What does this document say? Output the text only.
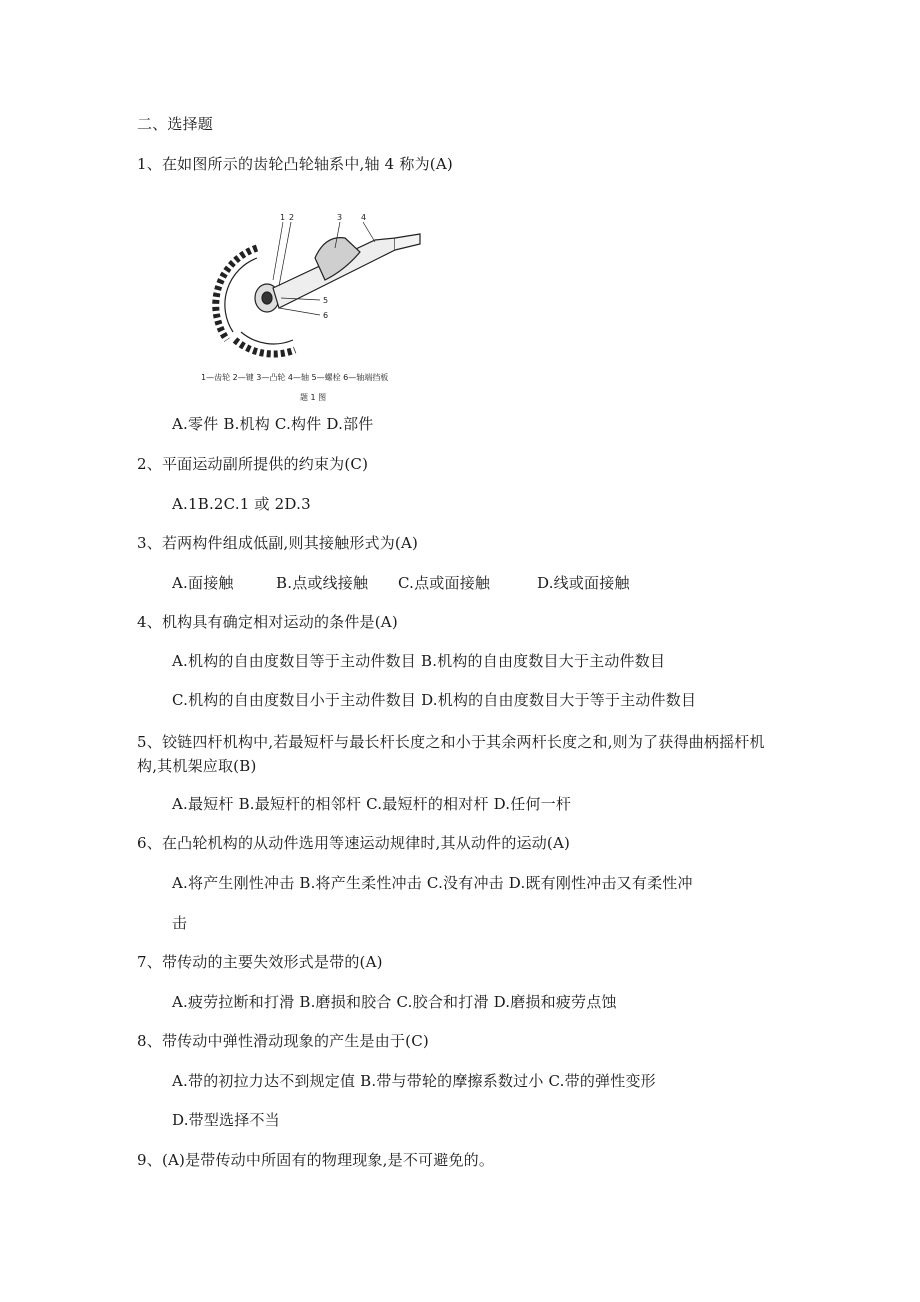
二、选择题
1、在如图所示的齿轮凸轮轴系中,轴 4 称为(A)
1 2	3 4
5
6
1—齿轮 2—键 3—凸轮 4—轴 5—螺栓 6—轴端挡板
题 1 图
A.零件 B.机构 C.构件 D.部件
2、平面运动副所提供的约束为(C)
A.1B.2C.1 或 2D.3
3、若两构件组成低副,则其接触形式为(A)
A.面接触	B.点或线接触 C.点或面接触	D.线或面接触
4、机构具有确定相对运动的条件是(A)
A.机构的自由度数目等于主动件数目 B.机构的自由度数目大于主动件数目
C.机构的自由度数目小于主动件数目 D.机构的自由度数目大于等于主动件数目
5、铰链四杆机构中,若最短杆与最长杆长度之和小于其余两杆长度之和,则为了获得曲柄摇杆机构,其机架应取(B)
A.最短杆 B.最短杆的相邻杆 C.最短杆的相对杆 D.任何一杆
6、在凸轮机构的从动件选用等速运动规律时,其从动件的运动(A)
A.将产生刚性冲击 B.将产生柔性冲击 C.没有冲击 D.既有刚性冲击又有柔性冲
击
7、带传动的主要失效形式是带的(A)
A.疲劳拉断和打滑 B.磨损和胶合 C.胶合和打滑 D.磨损和疲劳点蚀
8、带传动中弹性滑动现象的产生是由于(C)
A.带的初拉力达不到规定值 B.带与带轮的摩擦系数过小 C.带的弹性变形
D.带型选择不当
9、(A)是带传动中所固有的物理现象,是不可避免的。
